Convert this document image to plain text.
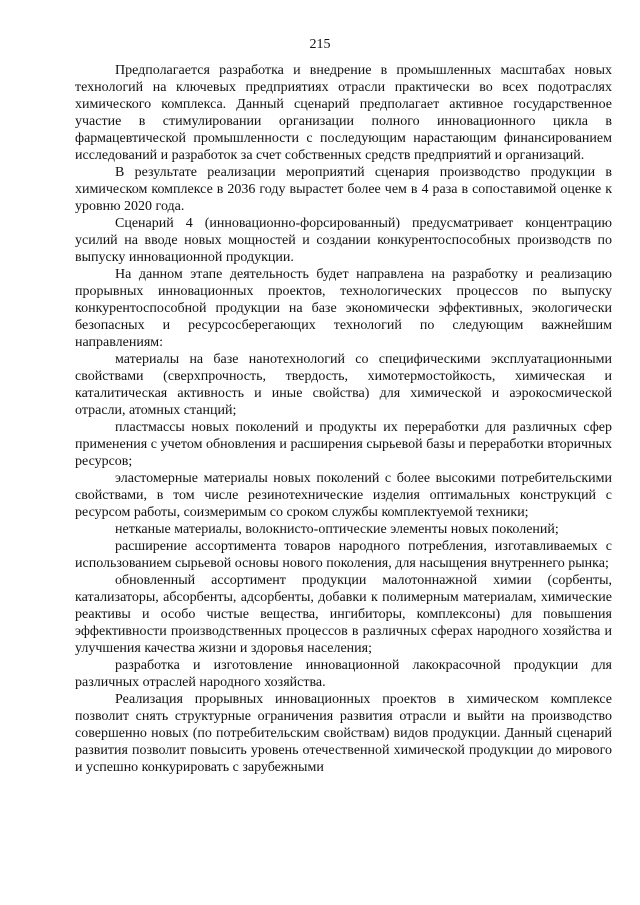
215

Предполагается разработка и внедрение в промышленных масштабах новых технологий на ключевых предприятиях отрасли практически во всех подотраслях химического комплекса. Данный сценарий предполагает активное государственное участие в стимулировании организации полного инновационного цикла в фармацевтической промышленности с последующим нарастающим финансированием исследований и разработок за счет собственных средств предприятий и организаций.

В результате реализации мероприятий сценария производство продукции в химическом комплексе в 2036 году вырастет более чем в 4 раза в сопоставимой оценке к уровню 2020 года.

Сценарий 4 (инновационно-форсированный) предусматривает концентрацию усилий на вводе новых мощностей и создании конкурентоспособных производств по выпуску инновационной продукции.

На данном этапе деятельность будет направлена на разработку и реализацию прорывных инновационных проектов, технологических процессов по выпуску конкурентоспособной продукции на базе экономически эффективных, экологически безопасных и ресурсосберегающих технологий по следующим важнейшим направлениям:

материалы на базе нанотехнологий со специфическими эксплуатационными свойствами (сверхпрочность, твердость, химотермостойкость, химическая и каталитическая активность и иные свойства) для химической и аэрокосмической отрасли, атомных станций;

пластмассы новых поколений и продукты их переработки для различных сфер применения с учетом обновления и расширения сырьевой базы и переработки вторичных ресурсов;

эластомерные материалы новых поколений с более высокими потребительскими свойствами, в том числе резинотехнические изделия оптимальных конструкций с ресурсом работы, соизмеримым со сроком службы комплектуемой техники;

нетканые материалы, волокнисто-оптические элементы новых поколений;

расширение ассортимента товаров народного потребления, изготавливаемых с использованием сырьевой основы нового поколения, для насыщения внутреннего рынка;

обновленный ассортимент продукции малотоннажной химии (сорбенты, катализаторы, абсорбенты, адсорбенты, добавки к полимерным материалам, химические реактивы и особо чистые вещества, ингибиторы, комплексоны) для повышения эффективности производственных процессов в различных сферах народного хозяйства и улучшения качества жизни и здоровья населения;

разработка и изготовление инновационной лакокрасочной продукции для различных отраслей народного хозяйства.

Реализация прорывных инновационных проектов в химическом комплексе позволит снять структурные ограничения развития отрасли и выйти на производство совершенно новых (по потребительским свойствам) видов продукции. Данный сценарий развития позволит повысить уровень отечественной химической продукции до мирового и успешно конкурировать с зарубежными
